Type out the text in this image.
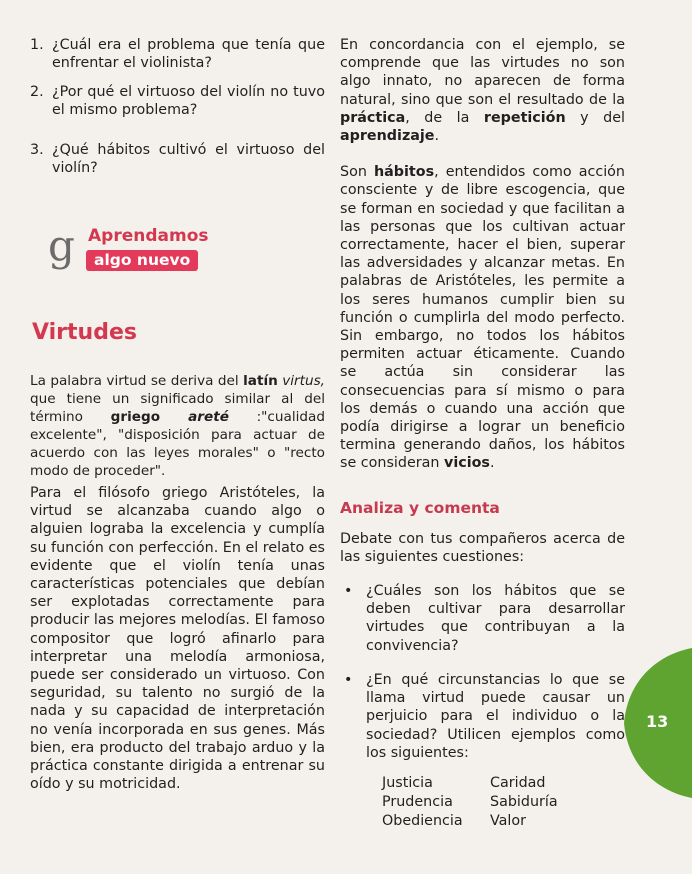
1. ¿Cuál era el problema que tenía que enfrentar el violinista?
2. ¿Por qué el virtuoso del violín no tuvo el mismo problema?
3. ¿Qué hábitos cultivó el virtuoso del violín?
g Aprendamos
algo nuevo
Virtudes

La palabra virtud se deriva del latín virtus, que tiene un significado similar al del término griego areté :"cualidad excelente", "disposición para actuar de acuerdo con las leyes morales" o "recto modo de proceder".

Para el filósofo griego Aristóteles, la virtud se alcanzaba cuando algo o alguien lograba la excelencia y cumplía su función con perfección. En el relato es evidente que el violín tenía unas características potenciales que debían ser explotadas correctamente para producir las mejores melodías. El famoso compositor que logró afinarlo para interpretar una melodía armoniosa, puede ser considerado un virtuoso. Con seguridad, su talento no surgió de la nada y su capacidad de interpretación no venía incorporada en sus genes. Más bien, era producto del trabajo arduo y la práctica constante dirigida a entrenar su oído y su motricidad.

En concordancia con el ejemplo, se comprende que las virtudes no son algo innato, no aparecen de forma natural, sino que son el resultado de la práctica, de la repetición y del aprendizaje.

Son hábitos, entendidos como acción consciente y de libre escogencia, que se forman en sociedad y que facilitan a las personas que los cultivan actuar correctamente, hacer el bien, superar las adversidades y alcanzar metas. En palabras de Aristóteles, les permite a los seres humanos cumplir bien su función o cumplirla del modo perfecto. Sin embargo, no todos los hábitos permiten actuar éticamente. Cuando se actúa sin considerar las consecuencias para sí mismo o para los demás o cuando una acción que podía dirigirse a lograr un beneficio termina generando daños, los hábitos se consideran vicios.

Analiza y comenta

Debate con tus compañeros acerca de las siguientes cuestiones:

• ¿Cuáles son los hábitos que se deben cultivar para desarrollar virtudes que contribuyan a la convivencia?
• ¿En qué circunstancias lo que se llama virtud puede causar un perjuicio para el individuo o la sociedad? Utilicen ejemplos como los siguientes:
Justicia	Caridad
Prudencia	Sabiduría
Obediencia	Valor
13
